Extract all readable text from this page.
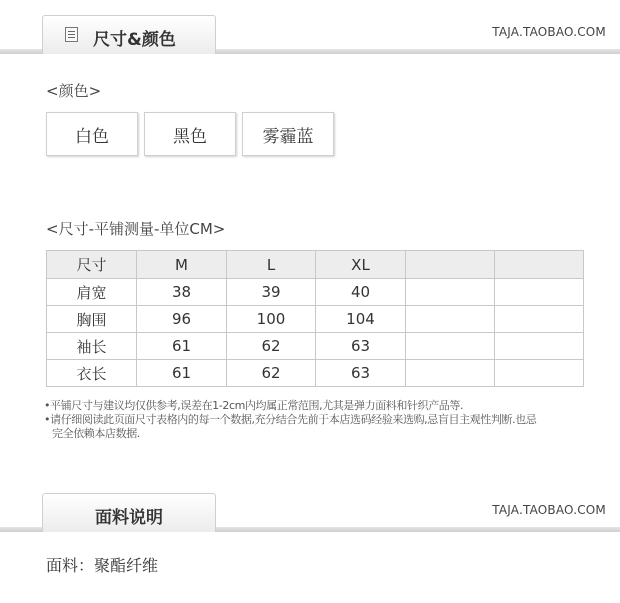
尺寸&颜色	TAJA.TAOBAO.COM
<颜色>
白色	黑色	雾霾蓝
<尺寸-平铺测量-单位CM>
尺寸	M	L	XL		
肩宽	38	39	40		
胸围	96	100	104		
袖长	61	62	63		
衣长	61	62	63		
•平铺尺寸与建议均仅供参考,误差在1-2cm内均属正常范围,尤其是弹力面料和针织产品等.
•请仔细阅读此页面尺寸表格内的每一个数据,充分结合先前于本店选码经验来选购,忌盲目主观性判断.也忌
完全依赖本店数据.
面料说明	TAJA.TAOBAO.COM
面料：聚酯纤维
